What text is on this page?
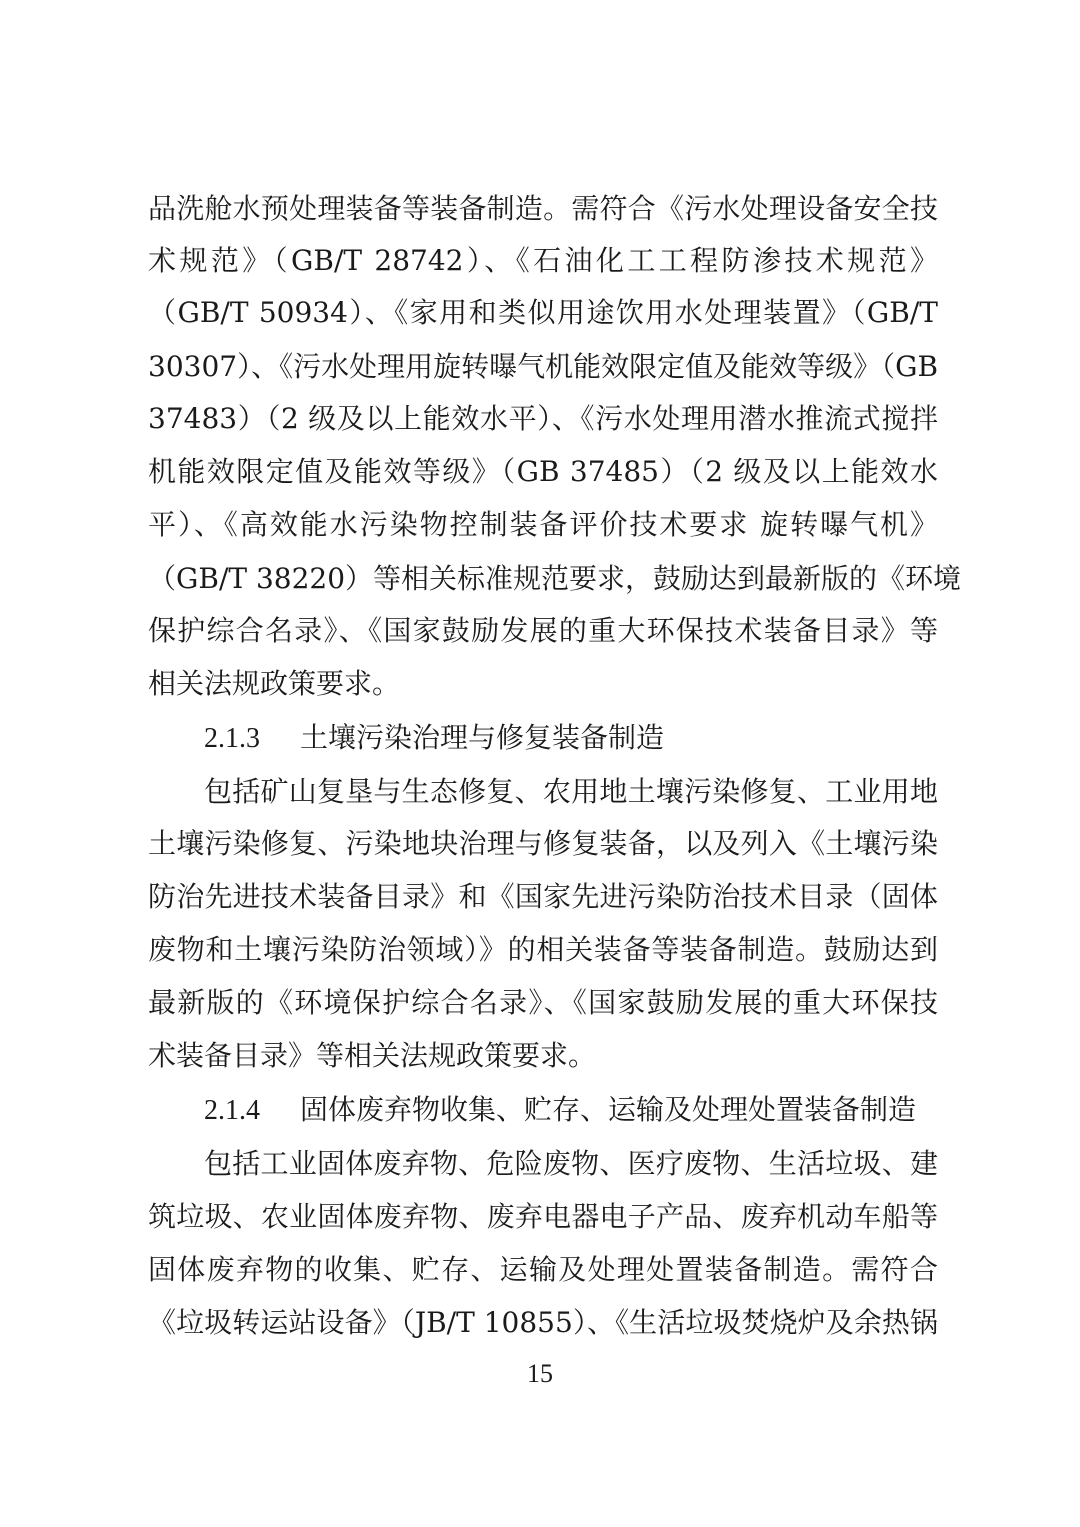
品洗舱水预处理装备等装备制造。需符合《污水处理设备安全技
术规范》（GB/T 28742）、《石油化工工程防渗技术规范》
（GB/T 50934）、《家用和类似用途饮用水处理装置》（GB/T
30307）、《污水处理用旋转曝气机能效限定值及能效等级》（GB
37483）（2 级及以上能效水平）、《污水处理用潜水推流式搅拌
机能效限定值及能效等级》（GB 37485）（2 级及以上能效水
平）、《高效能水污染物控制装备评价技术要求 旋转曝气机》
（GB/T 38220）等相关标准规范要求，鼓励达到最新版的《环境
保护综合名录》、《国家鼓励发展的重大环保技术装备目录》等
相关法规政策要求。
2.1.3 土壤污染治理与修复装备制造
包括矿山复垦与生态修复、农用地土壤污染修复、工业用地
土壤污染修复、污染地块治理与修复装备，以及列入《土壤污染
防治先进技术装备目录》和《国家先进污染防治技术目录（固体
废物和土壤污染防治领域）》的相关装备等装备制造。鼓励达到
最新版的《环境保护综合名录》、《国家鼓励发展的重大环保技
术装备目录》等相关法规政策要求。
2.1.4 固体废弃物收集、贮存、运输及处理处置装备制造
包括工业固体废弃物、危险废物、医疗废物、生活垃圾、建
筑垃圾、农业固体废弃物、废弃电器电子产品、废弃机动车船等
固体废弃物的收集、贮存、运输及处理处置装备制造。需符合
《垃圾转运站设备》（JB/T 10855）、《生活垃圾焚烧炉及余热锅
15
